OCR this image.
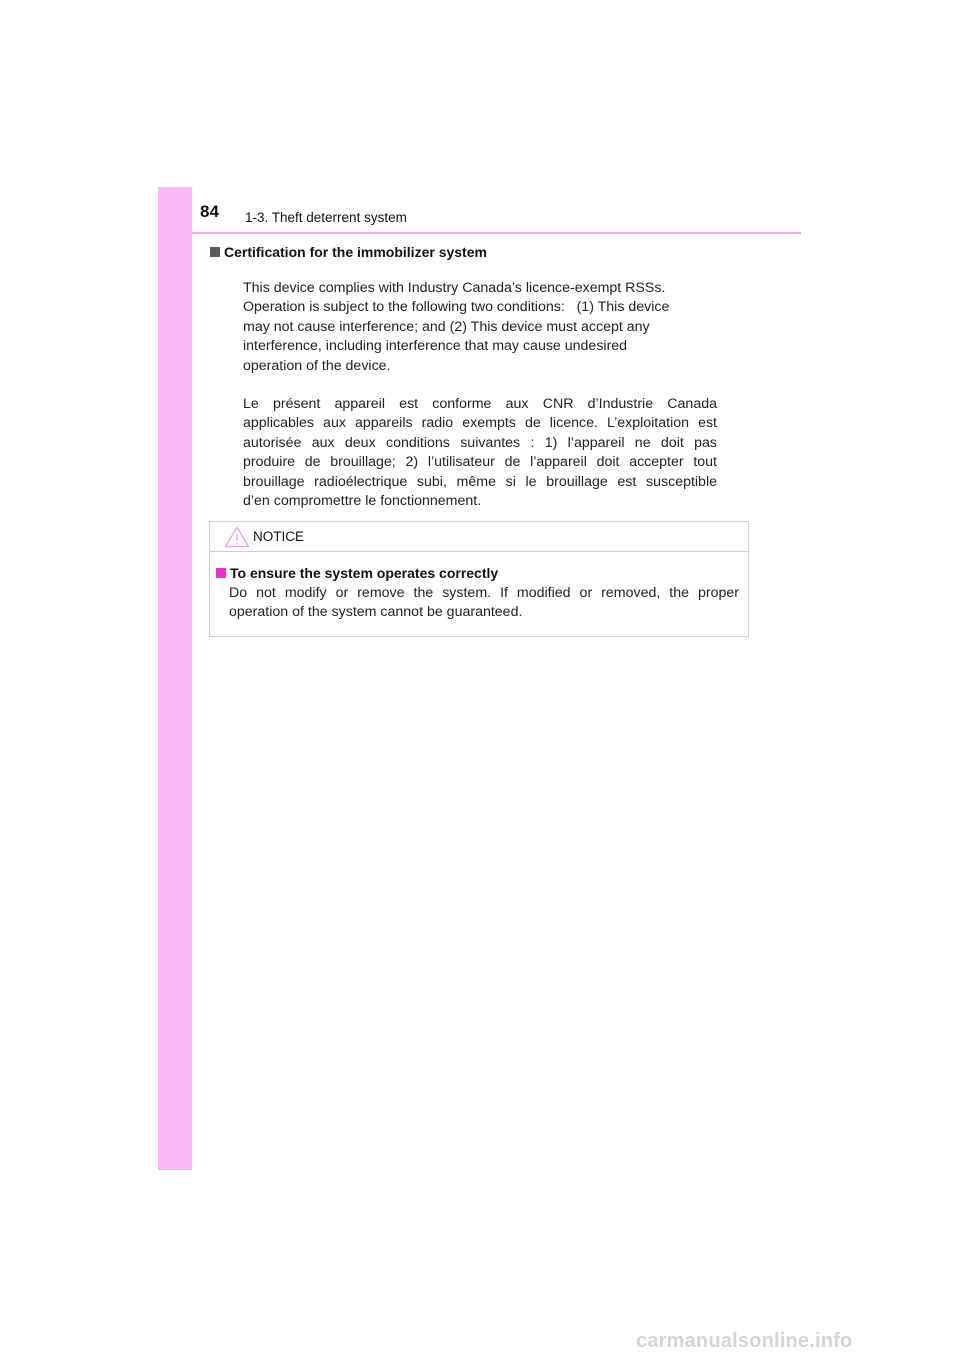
84 1-3. Theft deterrent system
Certification for the immobilizer system
This device complies with Industry Canada’s licence-exempt RSSs.
Operation is subject to the following two conditions:   (1) This device
may not cause interference; and (2) This device must accept any
interference, including interference that may cause undesired
operation of the device.
Le présent appareil est conforme aux CNR d’Industrie Canada
applicables aux appareils radio exempts de licence. L’exploitation est
autorisée aux deux conditions suivantes : 1) l’appareil ne doit pas
produire de brouillage; 2) l’utilisateur de l’appareil doit accepter tout
brouillage radioélectrique subi, même si le brouillage est susceptible
d’en compromettre le fonctionnement.
NOTICE
To ensure the system operates correctly
Do not modify or remove the system. If modified or removed, the proper
operation of the system cannot be guaranteed.
carmanualsonline.info
